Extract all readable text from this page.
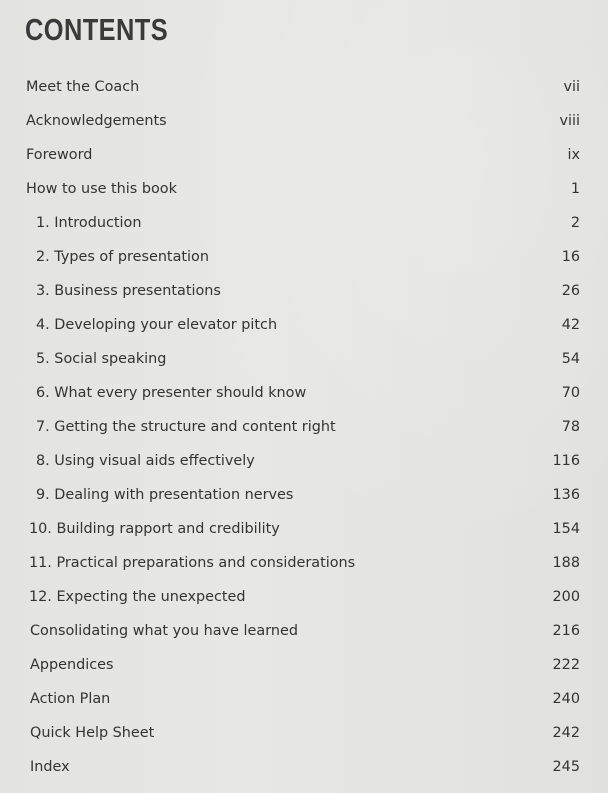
CONTENTS
Meet the Coach	vii
Acknowledgements	viii
Foreword	ix
How to use this book	1
1. Introduction	2
2. Types of presentation	16
3. Business presentations	26
4. Developing your elevator pitch	42
5. Social speaking	54
6. What every presenter should know	70
7. Getting the structure and content right	78
8. Using visual aids effectively	116
9. Dealing with presentation nerves	136
10. Building rapport and credibility	154
11. Practical preparations and considerations	188
12. Expecting the unexpected	200
Consolidating what you have learned	216
Appendices	222
Action Plan	240
Quick Help Sheet	242
Index	245
